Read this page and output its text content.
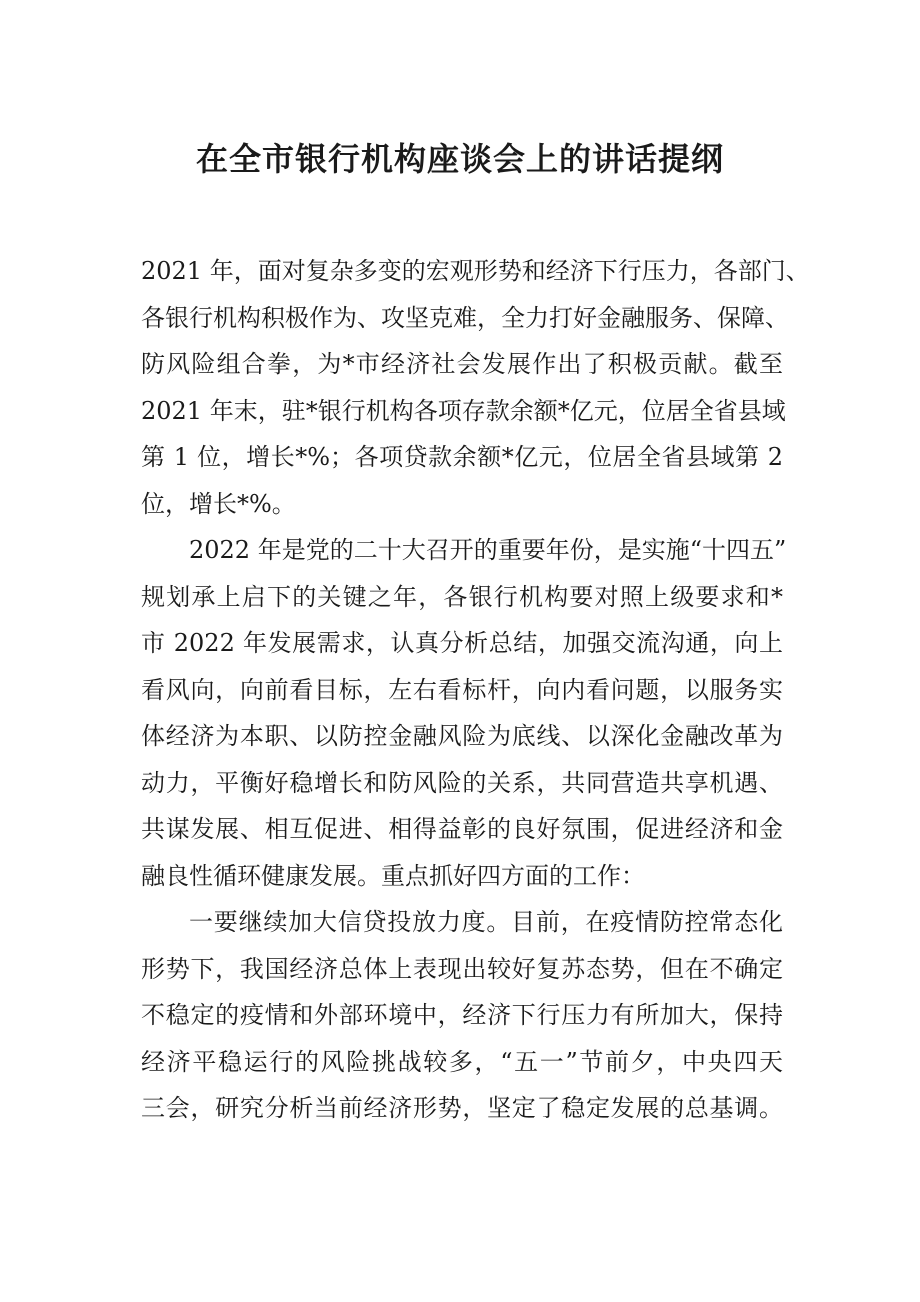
在全市银行机构座谈会上的讲话提纲
2021 年，面对复杂多变的宏观形势和经济下行压力，各部门、
各银行机构积极作为、攻坚克难，全力打好金融服务、保障、
防风险组合拳，为*市经济社会发展作出了积极贡献。截至
2021 年末，驻*银行机构各项存款余额*亿元，位居全省县域
第 1 位，增长*%；各项贷款余额*亿元，位居全省县域第 2
位，增长*%。
2022 年是党的二十大召开的重要年份，是实施“十四五”
规划承上启下的关键之年，各银行机构要对照上级要求和*
市 2022 年发展需求，认真分析总结，加强交流沟通，向上
看风向，向前看目标，左右看标杆，向内看问题，以服务实
体经济为本职、以防控金融风险为底线、以深化金融改革为
动力，平衡好稳增长和防风险的关系，共同营造共享机遇、
共谋发展、相互促进、相得益彰的良好氛围，促进经济和金
融良性循环健康发展。重点抓好四方面的工作：
一要继续加大信贷投放力度。目前，在疫情防控常态化
形势下，我国经济总体上表现出较好复苏态势，但在不确定
不稳定的疫情和外部环境中，经济下行压力有所加大，保持
经济平稳运行的风险挑战较多，“五一”节前夕，中央四天
三会，研究分析当前经济形势，坚定了稳定发展的总基调。
